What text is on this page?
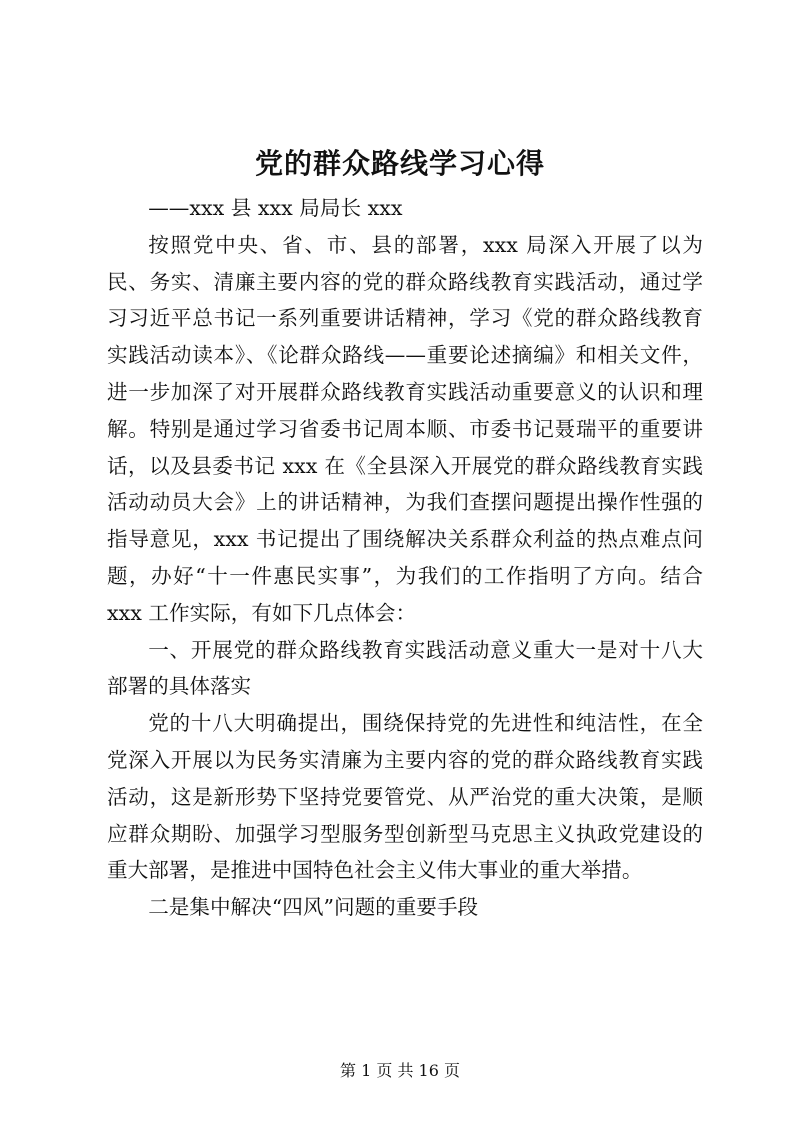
党的群众路线学习心得

——xxx 县 xxx 局局长 xxx

按照党中央、省、市、县的部署，xxx 局深入开展了以为民、务实、清廉主要内容的党的群众路线教育实践活动，通过学习习近平总书记一系列重要讲话精神，学习《党的群众路线教育实践活动读本》、《论群众路线——重要论述摘编》和相关文件，进一步加深了对开展群众路线教育实践活动重要意义的认识和理解。特别是通过学习省委书记周本顺、市委书记聂瑞平的重要讲话，以及县委书记 xxx 在《全县深入开展党的群众路线教育实践活动动员大会》上的讲话精神，为我们查摆问题提出操作性强的指导意见，xxx 书记提出了围绕解决关系群众利益的热点难点问题，办好“十一件惠民实事”，为我们的工作指明了方向。结合 xxx 工作实际，有如下几点体会：

一、开展党的群众路线教育实践活动意义重大一是对十八大部署的具体落实

党的十八大明确提出，围绕保持党的先进性和纯洁性，在全党深入开展以为民务实清廉为主要内容的党的群众路线教育实践活动，这是新形势下坚持党要管党、从严治党的重大决策，是顺应群众期盼、加强学习型服务型创新型马克思主义执政党建设的重大部署，是推进中国特色社会主义伟大事业的重大举措。

二是集中解决“四风”问题的重要手段

第 1 页 共 16 页
